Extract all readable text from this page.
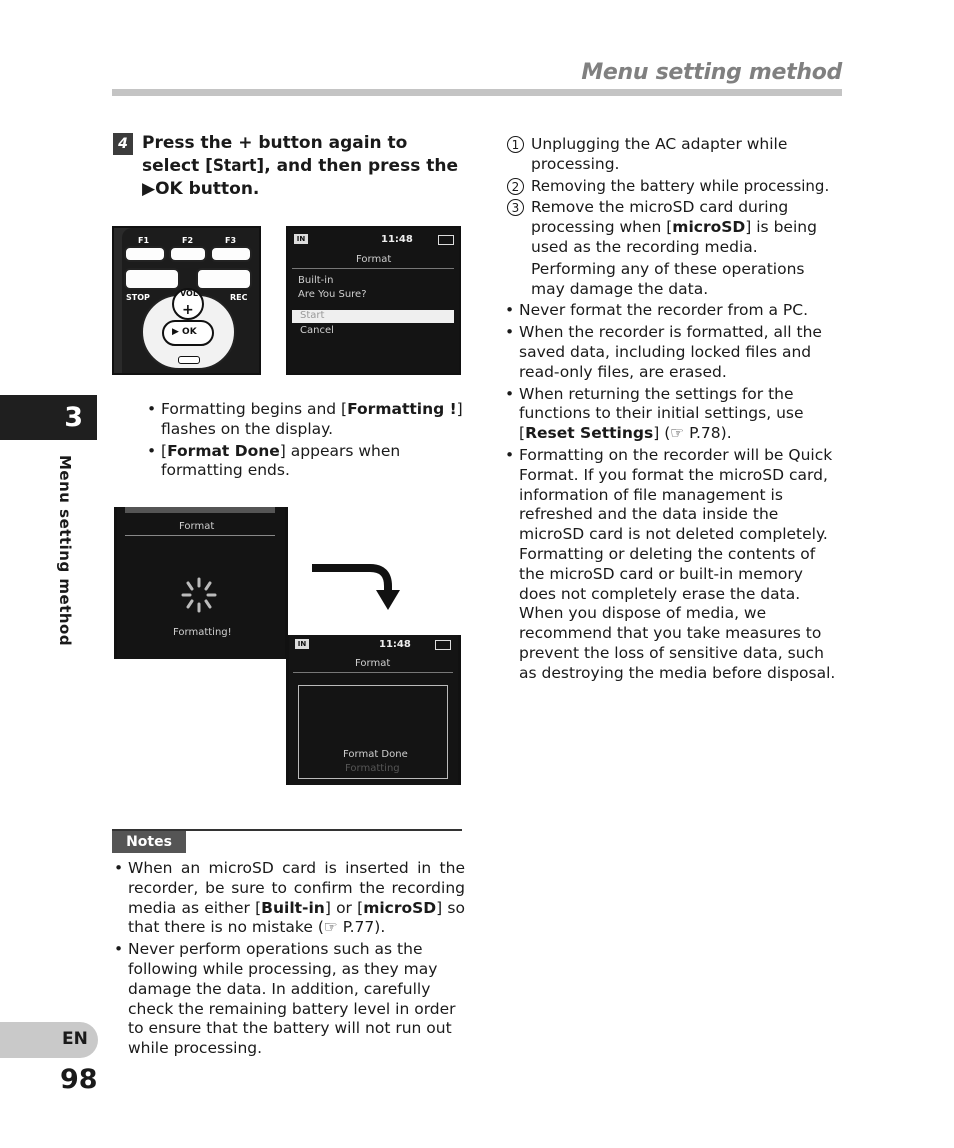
Menu setting method
3
Menu setting method
EN
98
4 Press the + button again to select [Start], and then press the ▶OK button.
F1	F2	F3
STOP	REC
VOL
+
▶ OK
IN	11:48
Format
Built-in
Are You Sure?
Start
Cancel
• Formatting begins and [Formatting !] flashes on the display.
• [Format Done] appears when formatting ends.
Format
Formatting!
IN	11:48
Format
Format Done
Formatting
Notes
• When an microSD card is inserted in the recorder, be sure to confirm the recording media as either [Built-in] or [microSD] so that there is no mistake (☞ P.77).
• Never perform operations such as the following while processing, as they may damage the data. In addition, carefully check the remaining battery level in order to ensure that the battery will not run out while processing.
1 Unplugging the AC adapter while processing.
2 Removing the battery while processing.
3 Remove the microSD card during processing when [microSD] is being used as the recording media.
Performing any of these operations may damage the data.
• Never format the recorder from a PC.
• When the recorder is formatted, all the saved data, including locked files and read-only files, are erased.
• When returning the settings for the functions to their initial settings, use [Reset Settings] (☞ P.78).
• Formatting on the recorder will be Quick Format. If you format the microSD card, information of file management is refreshed and the data inside the microSD card is not deleted completely. Formatting or deleting the contents of the microSD card or built-in memory does not completely erase the data. When you dispose of media, we recommend that you take measures to prevent the loss of sensitive data, such as destroying the media before disposal.
